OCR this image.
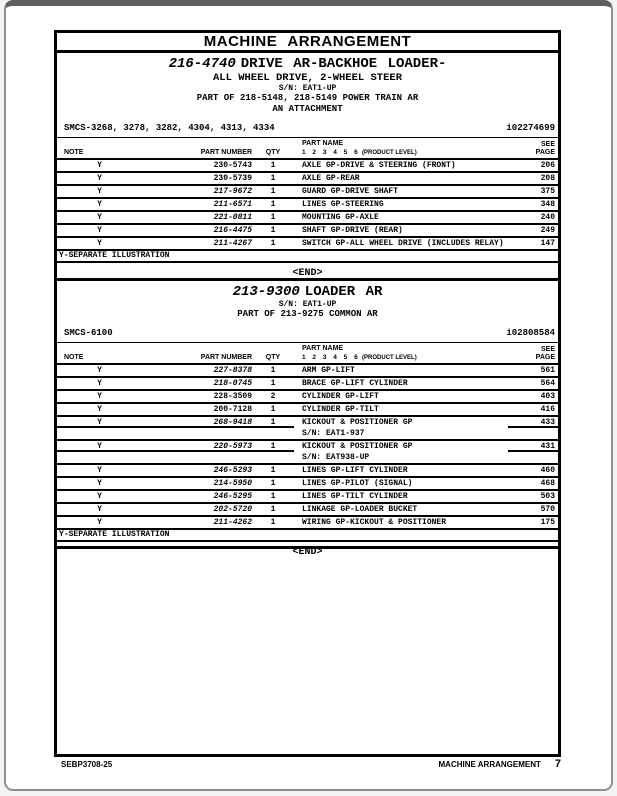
MACHINE ARRANGEMENT
216-4740 DRIVE AR-BACKHOE LOADER-
ALL WHEEL DRIVE, 2-WHEEL STEER
S/N: EAT1-UP
PART OF 218-5148, 218-5149 POWER TRAIN AR
AN ATTACHMENT
SMCS-3268, 3278, 3282, 4304, 4313, 4334	i02274699
NOTE	PART NUMBER	QTY
PART NAME
1 2 3 4 5 6 (PRODUCT LEVEL)
SEE
PAGE
Y	230-5743	1	AXLE GP-DRIVE & STEERING (FRONT)	206
Y	230-5739	1	AXLE GP-REAR	208
Y	217-9672	1	GUARD GP-DRIVE SHAFT	375
Y	211-6571	1	LINES GP-STEERING	348
Y	221-0811	1	MOUNTING GP-AXLE	240
Y	216-4475	1	SHAFT GP-DRIVE (REAR)	249
Y	211-4267	1	SWITCH GP-ALL WHEEL DRIVE (INCLUDES RELAY)	147
Y-SEPARATE ILLUSTRATION
<END>
213-9300 LOADER AR
S/N: EAT1-UP
PART OF 213-9275 COMMON AR
SMCS-6100	i02808584
NOTE	PART NUMBER	QTY
PART NAME
1 2 3 4 5 6 (PRODUCT LEVEL)
SEE
PAGE
Y	227-8378	1	ARM GP-LIFT	561
Y	218-0745	1	BRACE GP-LIFT CYLINDER	564
Y	228-3509	2	CYLINDER GP-LIFT	403
Y	200-7128	1	CYLINDER GP-TILT	416
Y	268-9418	1	KICKOUT & POSITIONER GP	433
S/N: EAT1-937
Y	220-5973	1	KICKOUT & POSITIONER GP	431
S/N: EAT938-UP
Y	246-5293	1	LINES GP-LIFT CYLINDER	460
Y	214-5950	1	LINES GP-PILOT (SIGNAL)	468
Y	246-5295	1	LINES GP-TILT CYLINDER	503
Y	202-5720	1	LINKAGE GP-LOADER BUCKET	570
Y	211-4262	1	WIRING GP-KICKOUT & POSITIONER	175
Y-SEPARATE ILLUSTRATION
<END>
SEBP3708-25	MACHINE ARRANGEMENT 7
